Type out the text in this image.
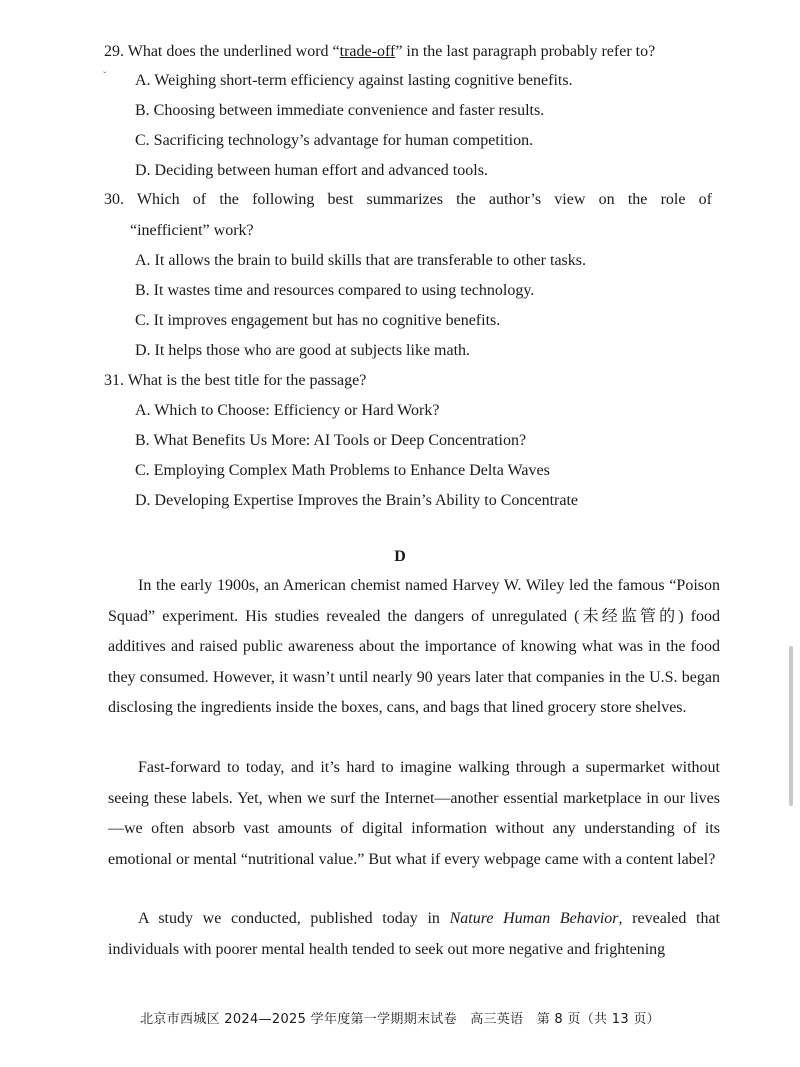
ˇ
29. What does the underlined word “trade-off” in the last paragraph probably refer to?
A. Weighing short-term efficiency against lasting cognitive benefits.
B. Choosing between immediate convenience and faster results.
C. Sacrificing technology’s advantage for human competition.
D. Deciding between human effort and advanced tools.
30. Which of the following best summarizes the author’s view on the role of
“inefficient” work?
A. It allows the brain to build skills that are transferable to other tasks.
B. It wastes time and resources compared to using technology.
C. It improves engagement but has no cognitive benefits.
D. It helps those who are good at subjects like math.
31. What is the best title for the passage?
A. Which to Choose: Efficiency or Hard Work?
B. What Benefits Us More: AI Tools or Deep Concentration?
C. Employing Complex Math Problems to Enhance Delta Waves
D. Developing Expertise Improves the Brain’s Ability to Concentrate
D

In the early 1900s, an American chemist named Harvey W. Wiley led the famous “Poison Squad” experiment. His studies revealed the dangers of unregulated (未经监管的) food additives and raised public awareness about the importance of knowing what was in the food they consumed. However, it wasn’t until nearly 90 years later that companies in the U.S. began disclosing the ingredients inside the boxes, cans, and bags that lined grocery store shelves.

Fast-forward to today, and it’s hard to imagine walking through a supermarket without seeing these labels. Yet, when we surf the Internet—another essential marketplace in our lives—we often absorb vast amounts of digital information without any understanding of its emotional or mental “nutritional value.” But what if every webpage came with a content label?

A study we conducted, published today in Nature Human Behavior, revealed that individuals with poorer mental health tended to seek out more negative and frightening

北京市西城区 2024—2025 学年度第一学期期末试卷　高三英语　第 8 页（共 13 页）
